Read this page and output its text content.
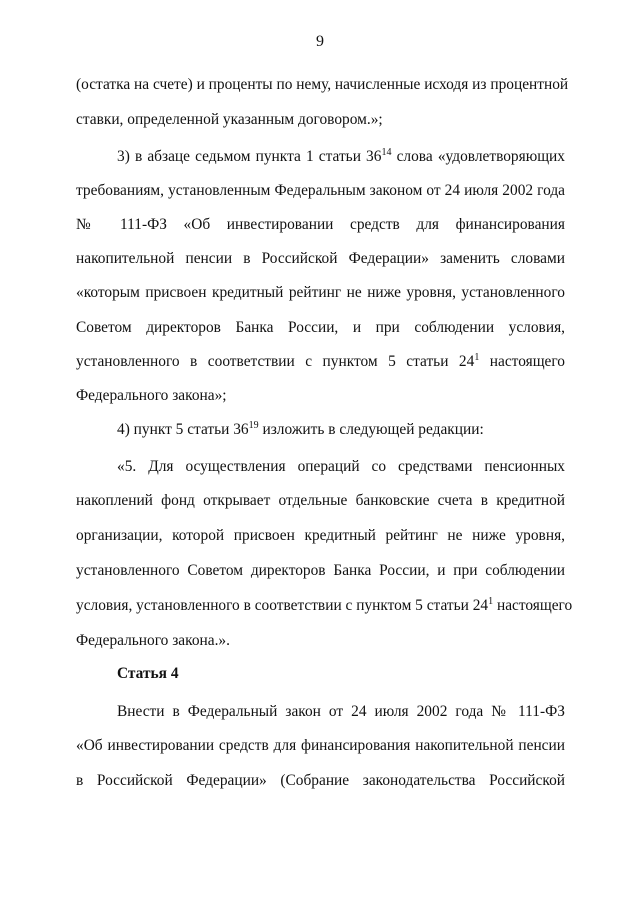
9
(остатка на счете) и проценты по нему, начисленные исходя из процентной
ставки, определенной указанным договором.»;
3) в абзаце седьмом пункта 1 статьи $36^{14}$ слова «удовлетворяющих
требованиям, установленным Федеральным законом от 24 июля 2002 года
№ 111-ФЗ «Об инвестировании средств для финансирования
накопительной пенсии в Российской Федерации» заменить словами
«которым присвоен кредитный рейтинг не ниже уровня, установленного
Советом директоров Банка России, и при соблюдении условия,
установленного в соответствии с пунктом 5 статьи $24^1$ настоящего
Федерального закона»;
4) пункт 5 статьи $36^{19}$ изложить в следующей редакции:
«5. Для осуществления операций со средствами пенсионных
накоплений фонд открывает отдельные банковские счета в кредитной
организации, которой присвоен кредитный рейтинг не ниже уровня,
установленного Советом директоров Банка России, и при соблюдении
условия, установленного в соответствии с пунктом 5 статьи $24^1$ настоящего
Федерального закона.».
Статья 4
Внести в Федеральный закон от 24 июля 2002 года № 111-ФЗ
«Об инвестировании средств для финансирования накопительной пенсии
в Российской Федерации» (Собрание законодательства Российской
